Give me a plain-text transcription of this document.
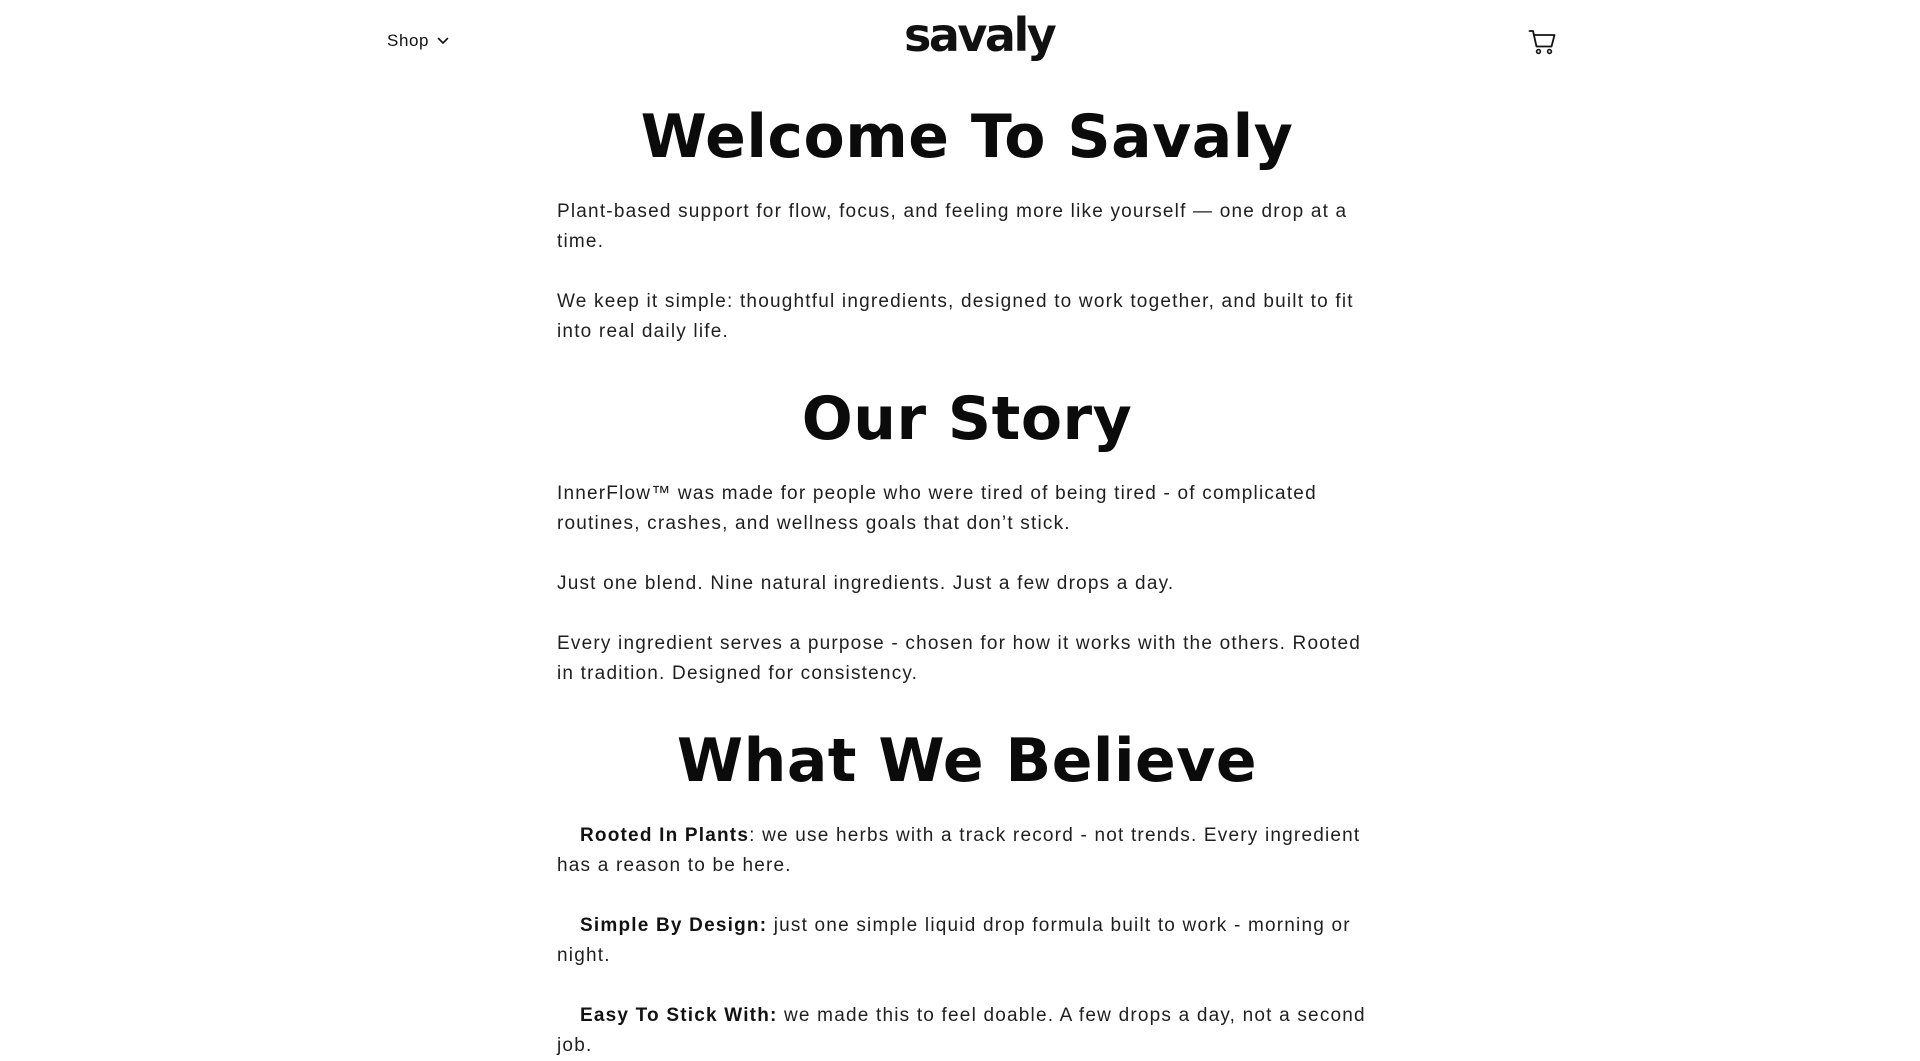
Shop	savaly
Welcome To Savaly

Plant-based support for flow, focus, and feeling more like yourself — one drop at a time.

We keep it simple: thoughtful ingredients, designed to work together, and built to fit into real daily life.

Our Story

InnerFlow™ was made for people who were tired of being tired - of complicated routines, crashes, and wellness goals that don’t stick.

Just one blend. Nine natural ingredients. Just a few drops a day.

Every ingredient serves a purpose - chosen for how it works with the others. Rooted in tradition. Designed for consistency.

What We Believe

Rooted In Plants: we use herbs with a track record - not trends. Every ingredient has a reason to be here.

Simple By Design: just one simple liquid drop formula built to work - morning or night.

Easy To Stick With: we made this to feel doable. A few drops a day, not a second job.
